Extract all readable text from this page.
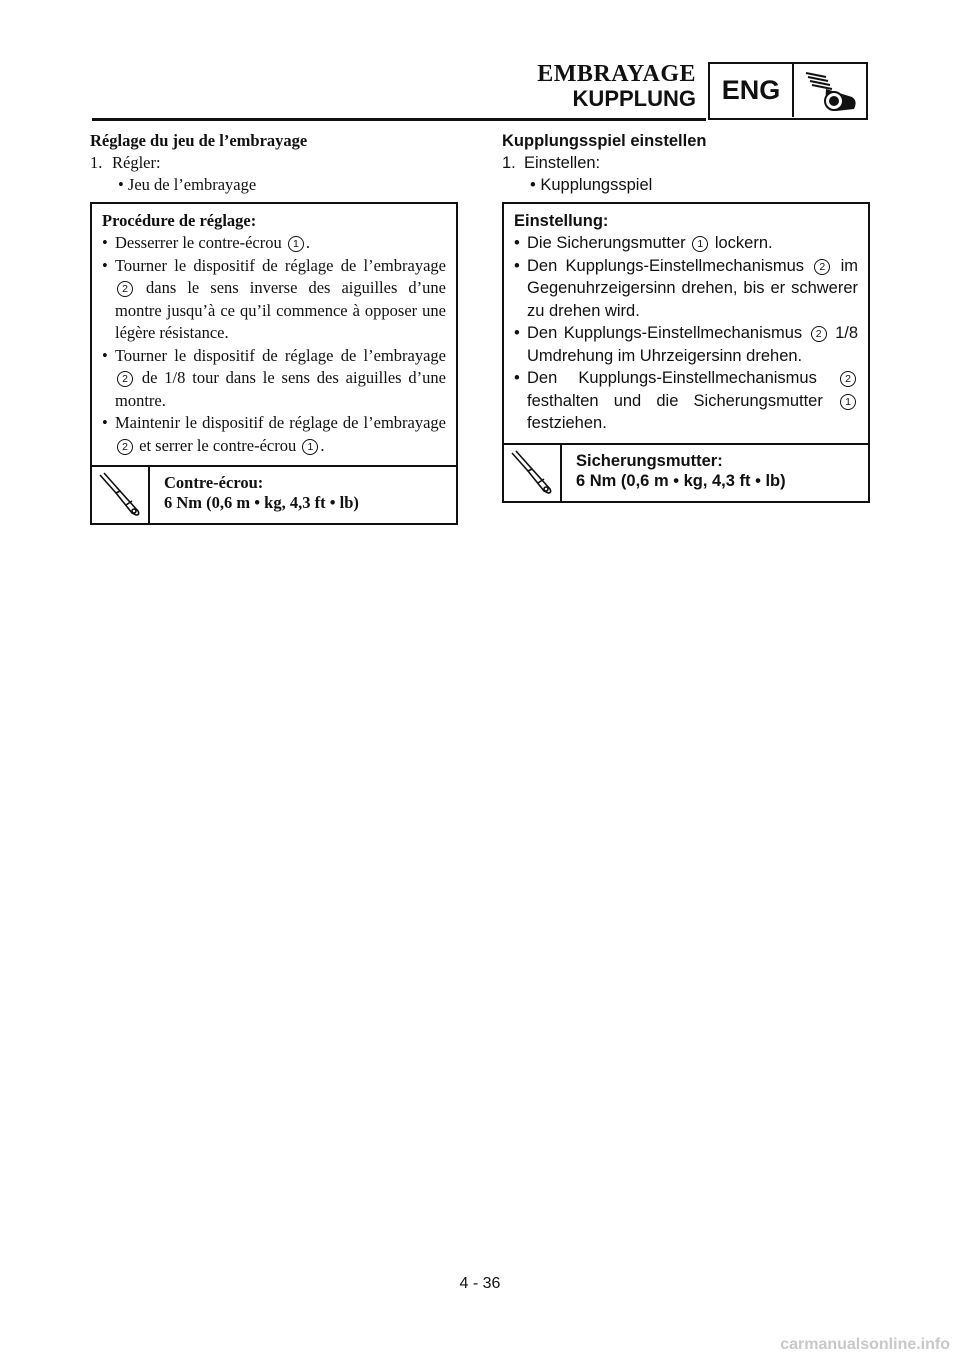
EMBRAYAGE
KUPPLUNG ENG
Réglage du jeu de l’embrayage
1. Régler:
• Jeu de l’embrayage
Procédure de réglage:
• Desserrer le contre-écrou 1 .
• Tourner le dispositif de réglage de l’embrayage 2 dans le sens inverse des aiguilles d’une montre jusqu’à ce qu’il commence à opposer une légère résistance.
• Tourner le dispositif de réglage de l’embrayage 2 de 1/8 tour dans le sens des aiguilles d’une montre.
• Maintenir le dispositif de réglage de l’embrayage 2 et serrer le contre-écrou 1 .
Contre-écrou:
6 Nm (0,6 m • kg, 4,3 ft • lb)
Kupplungsspiel einstellen
1. Einstellen:
• Kupplungsspiel
Einstellung:
• Die Sicherungsmutter 1 lockern.
• Den Kupplungs-Einstellmechanismus 2 im Gegenuhrzeigersinn drehen, bis er schwerer zu drehen wird.
• Den Kupplungs-Einstellmechanismus 2 1/8 Umdrehung im Uhrzeigersinn drehen.
• Den Kupplungs-Einstellmechanismus	2 festhalten und die Sicherungsmutter 1 festziehen.
Sicherungsmutter:
6 Nm (0,6 m • kg, 4,3 ft • lb)
4 - 36
carmanualsonline.info
